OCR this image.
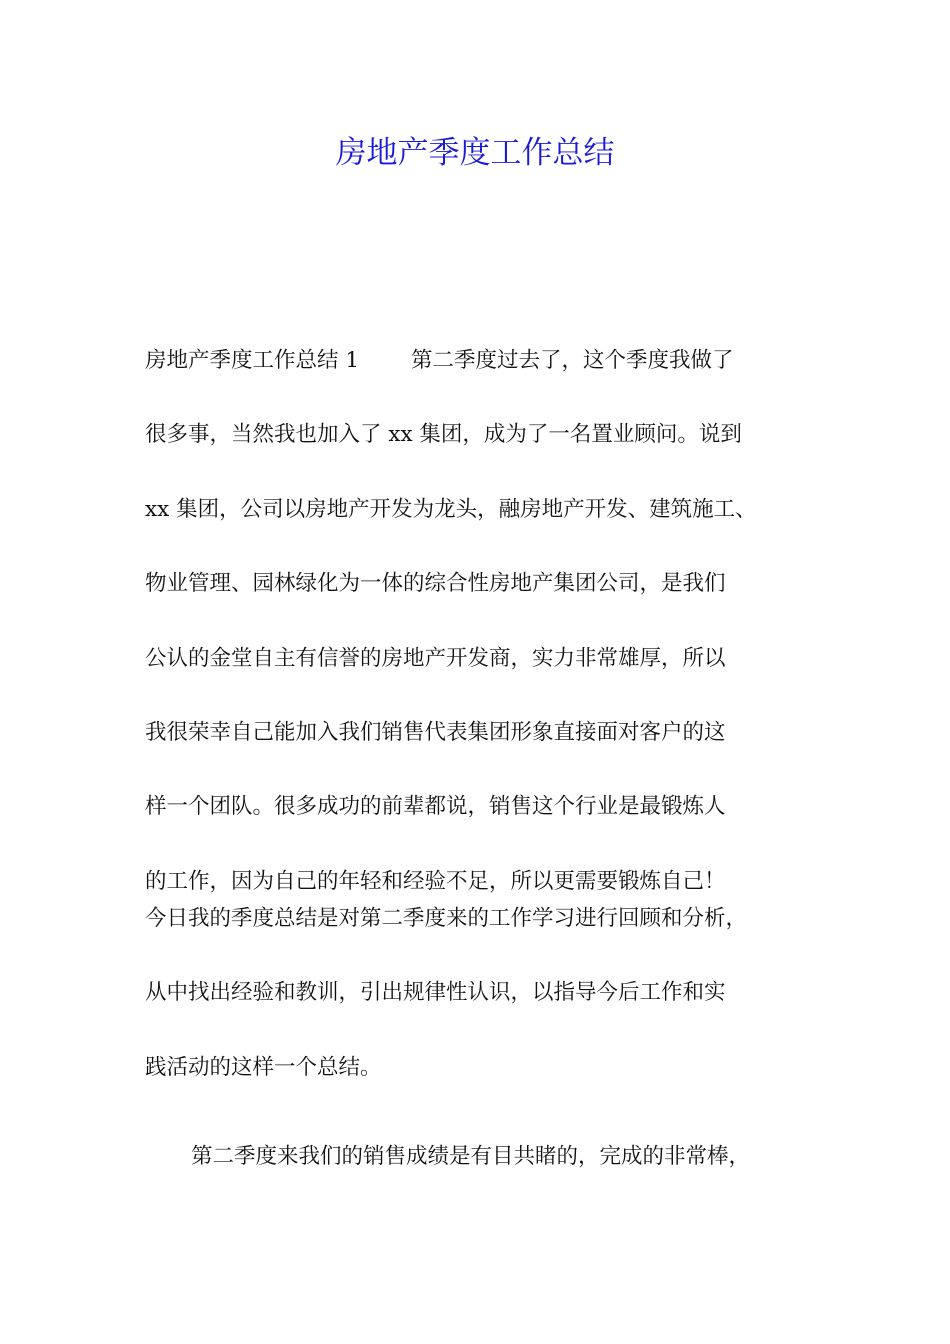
房地产季度工作总结
房地产季度工作总结 1 第二季度过去了，这个季度我做了
很多事，当然我也加入了 xx 集团，成为了一名置业顾问。说到
xx 集团，公司以房地产开发为龙头，融房地产开发、建筑施工、
物业管理、园林绿化为一体的综合性房地产集团公司，是我们
公认的金堂自主有信誉的房地产开发商，实力非常雄厚，所以
我很荣幸自己能加入我们销售代表集团形象直接面对客户的这
样一个团队。很多成功的前辈都说，销售这个行业是最锻炼人
的工作，因为自己的年轻和经验不足，所以更需要锻炼自己！
今日我的季度总结是对第二季度来的工作学习进行回顾和分析，
从中找出经验和教训，引出规律性认识，以指导今后工作和实
践活动的这样一个总结。
第二季度来我们的销售成绩是有目共睹的，完成的非常棒，
